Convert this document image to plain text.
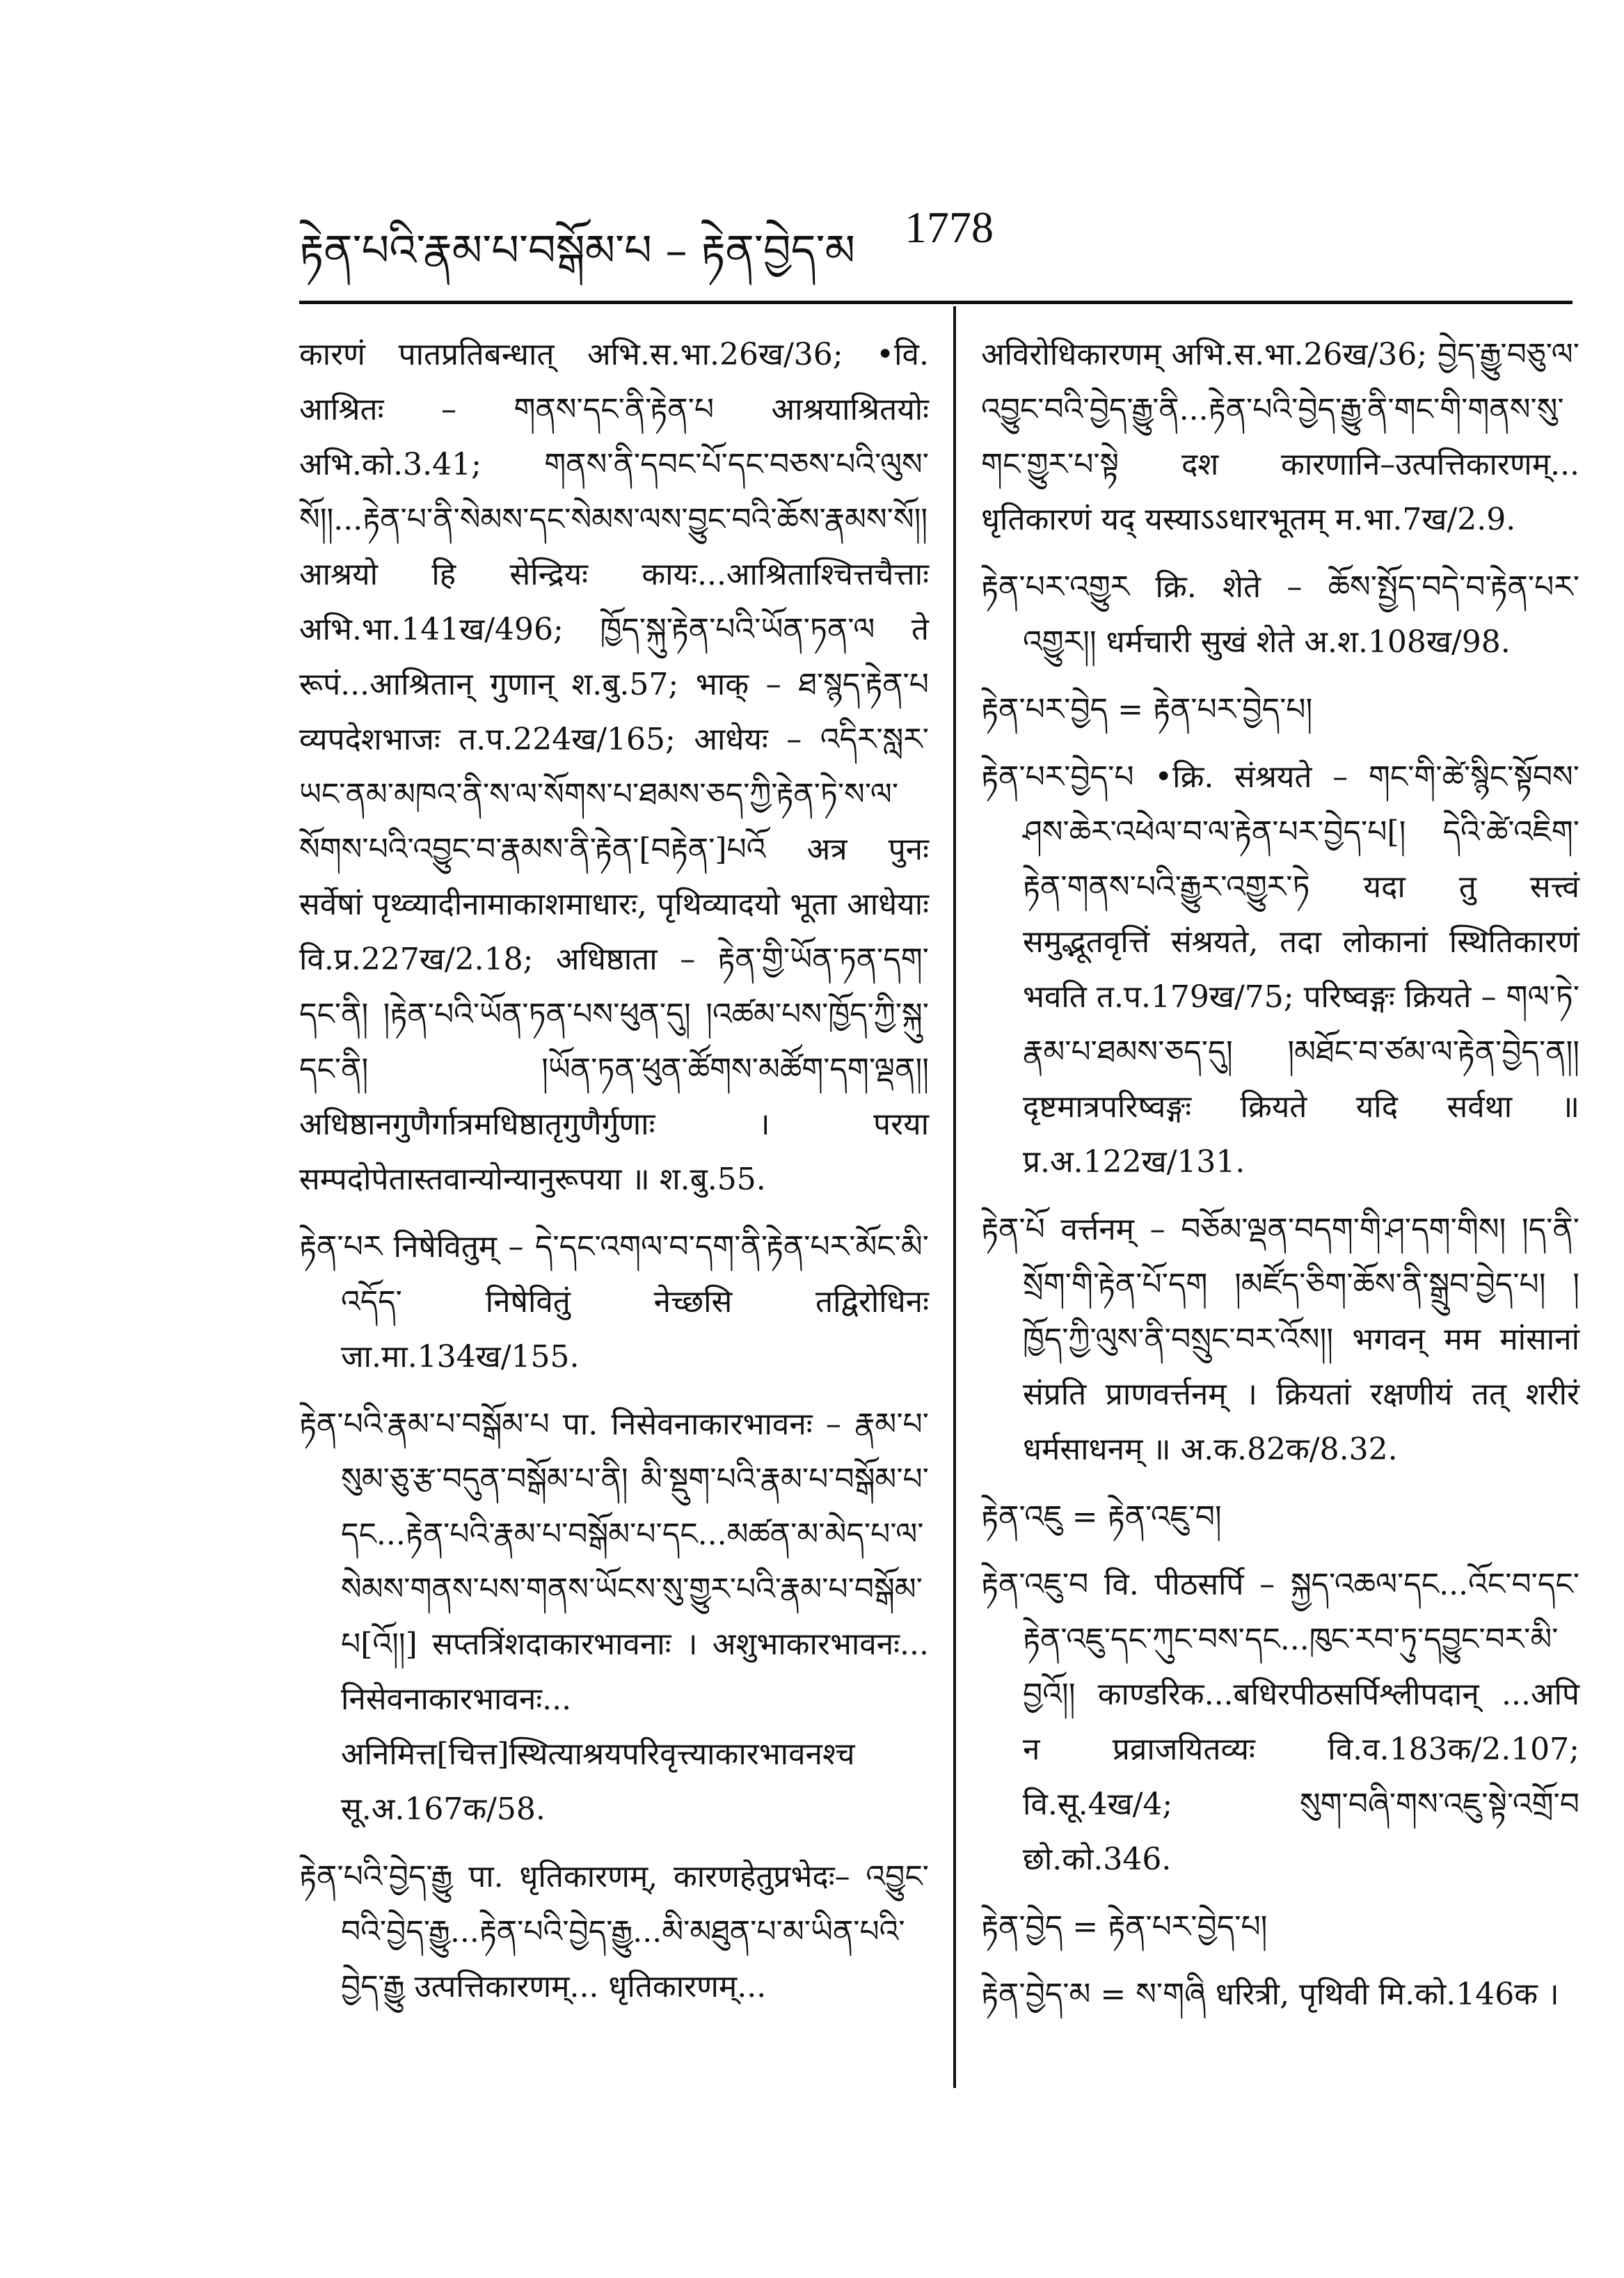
རྟེན་པའི་རྣམ་པ་བསྒོམ་པ – རྟེན་བྱེད་མ 1778

कारणं पातप्रतिबन्धात् अभि.स.भा.26ख/36; •वि. आश्रितः – གནས་དང་ནི་རྟེན་པ आश्रयाश्रितयोः अभि.को.3.41; གནས་ནི་དབང་པོ་དང་བཅས་པའི་ལུས་སོ།།...རྟེན་པ་ནི་སེམས་དང་སེམས་ལས་བྱུང་བའི་ཆོས་རྣམས་སོ།། आश्रयो हि सेन्द्रियः कायः...आश्रिताश्चित्तचैत्ताः अभि.भा.141ख/496; ཁྱོད་སྐུ་རྟེན་པའི་ཡོན་ཏན་ལ ते रूपं...आश्रितान् गुणान् श.बु.57; भाक् – ཐ་སྙད་རྟེན་པ व्यपदेशभाजः त.प.224ख/165; आधेयः – འདིར་སླར་ཡང་ནམ་མཁའ་ནི་ས་ལ་སོགས་པ་ཐམས་ཅད་ཀྱི་རྟེན་ཏེ་ས་ལ་སོགས་པའི་འབྱུང་བ་རྣམས་ནི་རྟེན་[བརྟེན་]པའོ अत्र पुनः सर्वेषां पृथ्व्यादीनामाकाशमाधारः, पृथिव्यादयो भूता आधेयाः वि.प्र.227ख/2.18; अधिष्ठाता – རྟེན་གྱི་ཡོན་ཏན་དག་དང་ནི། །རྟེན་པའི་ཡོན་ཏན་པས་ཕུན་དུ། །འཚམ་པས་ཁྱོད་ཀྱི་སྐུ་དང་ནི། །ཡོན་ཏན་ཕུན་ཚོགས་མཚོག་དག་ལྡན།། अधिष्ठानगुणैर्गात्रमधिष्ठातृगुणैर्गुणाः । परया सम्पदोपेतास्तवान्योन्यानुरूपया ॥ श.बु.55.

རྟེན་པར निषेवितुम् – དེ་དང་འགལ་བ་དག་ནི་རྟེན་པར་མོང་མི་འདོད་ निषेवितुं नेच्छसि तद्विरोधिनः जा.मा.134ख/155.

རྟེན་པའི་རྣམ་པ་བསྒོམ་པ पा. निसेवनाकारभावनः – རྣམ་པ་སུམ་ཅུ་རྩ་བདུན་བསྒོམ་པ་ནི། མི་སྡུག་པའི་རྣམ་པ་བསྒོམ་པ་དང...རྟེན་པའི་རྣམ་པ་བསྒོམ་པ་དང...མཚན་མ་མེད་པ་ལ་སེམས་གནས་པས་གནས་ཡོངས་སུ་གྱུར་པའི་རྣམ་པ་བསྒོམ་པ[འོ།།] सप्तत्रिंशदाकारभावनाः । अशुभाकारभावनः... निसेवनाकारभावनः... अनिमित्त[चित्त]स्थित्याश्रयपरिवृत्त्याकारभावनश्च सू.अ.167क/58.

རྟེན་པའི་བྱེད་རྒྱུ पा. धृतिकारणम्, कारणहेतुप्रभेदः– འབྱུང་བའི་བྱེད་རྒྱུ...རྟེན་པའི་བྱེད་རྒྱུ...མི་མཐུན་པ་མ་ཡིན་པའི་བྱེད་རྒྱུ उत्पत्तिकारणम्... धृतिकारणम्...

अविरोधिकारणम् अभि.स.भा.26ख/36; བྱེད་རྒྱུ་བཅུ་ལ་འབྱུང་བའི་བྱེད་རྒྱུ་ནི...རྟེན་པའི་བྱེད་རྒྱུ་ནི་གང་གི་གནས་སུ་གང་གྱུར་པ་སྟེ दश कारणानि–उत्पत्तिकारणम्... धृतिकारणं यद् यस्याऽऽधारभूतम् म.भा.7ख/2.9.

རྟེན་པར་འགྱུར क्रि. शेते – ཆོས་སྤྱོད་བདེ་བ་རྟེན་པར་འགྱུར།། धर्मचारी सुखं शेते अ.श.108ख/98.

རྟེན་པར་བྱེད = རྟེན་པར་བྱེད་པ།

རྟེན་པར་བྱེད་པ •क्रि. संश्रयते – གང་གི་ཚེ་སྙིང་སྟོབས་ཤས་ཆེར་འཕེལ་བ་ལ་རྟེན་པར་བྱེད་པ[། དེའི་ཚེ་འཇིག་རྟེན་གནས་པའི་རྒྱུར་འགྱུར་ཏེ यदा तु सत्त्वं समुद्भूतवृत्तिं संश्रयते, तदा लोकानां स्थितिकारणं भवति त.प.179ख/75; परिष्वङ्गः क्रियते – གལ་ཏེ་རྣམ་པ་ཐམས་ཅད་དུ། །མཐོང་བ་ཙམ་ལ་རྟེན་བྱེད་ན།། दृष्टमात्रपरिष्वङ्गः क्रियते यदि सर्वथा ॥ प्र.अ.122ख/131.

རྟེན་པོ वर्त्तनम् – བཅོམ་ལྡན་བདག་གི་ཤ་དག་གིས། །ད་ནི་སྲོག་གི་རྟེན་པོ་དག །མཛོད་ཅིག་ཆོས་ནི་སྒྲུབ་བྱེད་པ། །ཁྱོད་ཀྱི་ལུས་ནི་བསྲུང་བར་འོས།། भगवन् मम मांसानां संप्रति प्राणवर्त्तनम् । क्रियतां रक्षणीयं तत् शरीरं धर्मसाधनम् ॥ अ.क.82क/8.32.

རྟེན་འཇུ = རྟེན་འཇུ་བ།

རྟེན་འཇུ་བ वि. पीठसर्पि – སྐྱད་འཆལ་དང...འོང་བ་དང་རྟེན་འཇུ་དང་ཀུང་བས་དང...ཁུང་རབ་ཏུ་དབྱུང་བར་མི་བྱའོ།། काण्डरिक...बधिरपीठसर्पिश्लीपदान् ...अपि न प्रव्राजयितव्यः वि.व.183क/2.107; वि.सू.4ख/4; སུག་བཞི་གས་འཇུ་སྟེ་འགྲོ་བ छो.को.346.

རྟེན་བྱེད = རྟེན་པར་བྱེད་པ།

རྟེན་བྱེད་མ = ས་གཞི धरित्री, पृथिवी मि.को.146क ।
